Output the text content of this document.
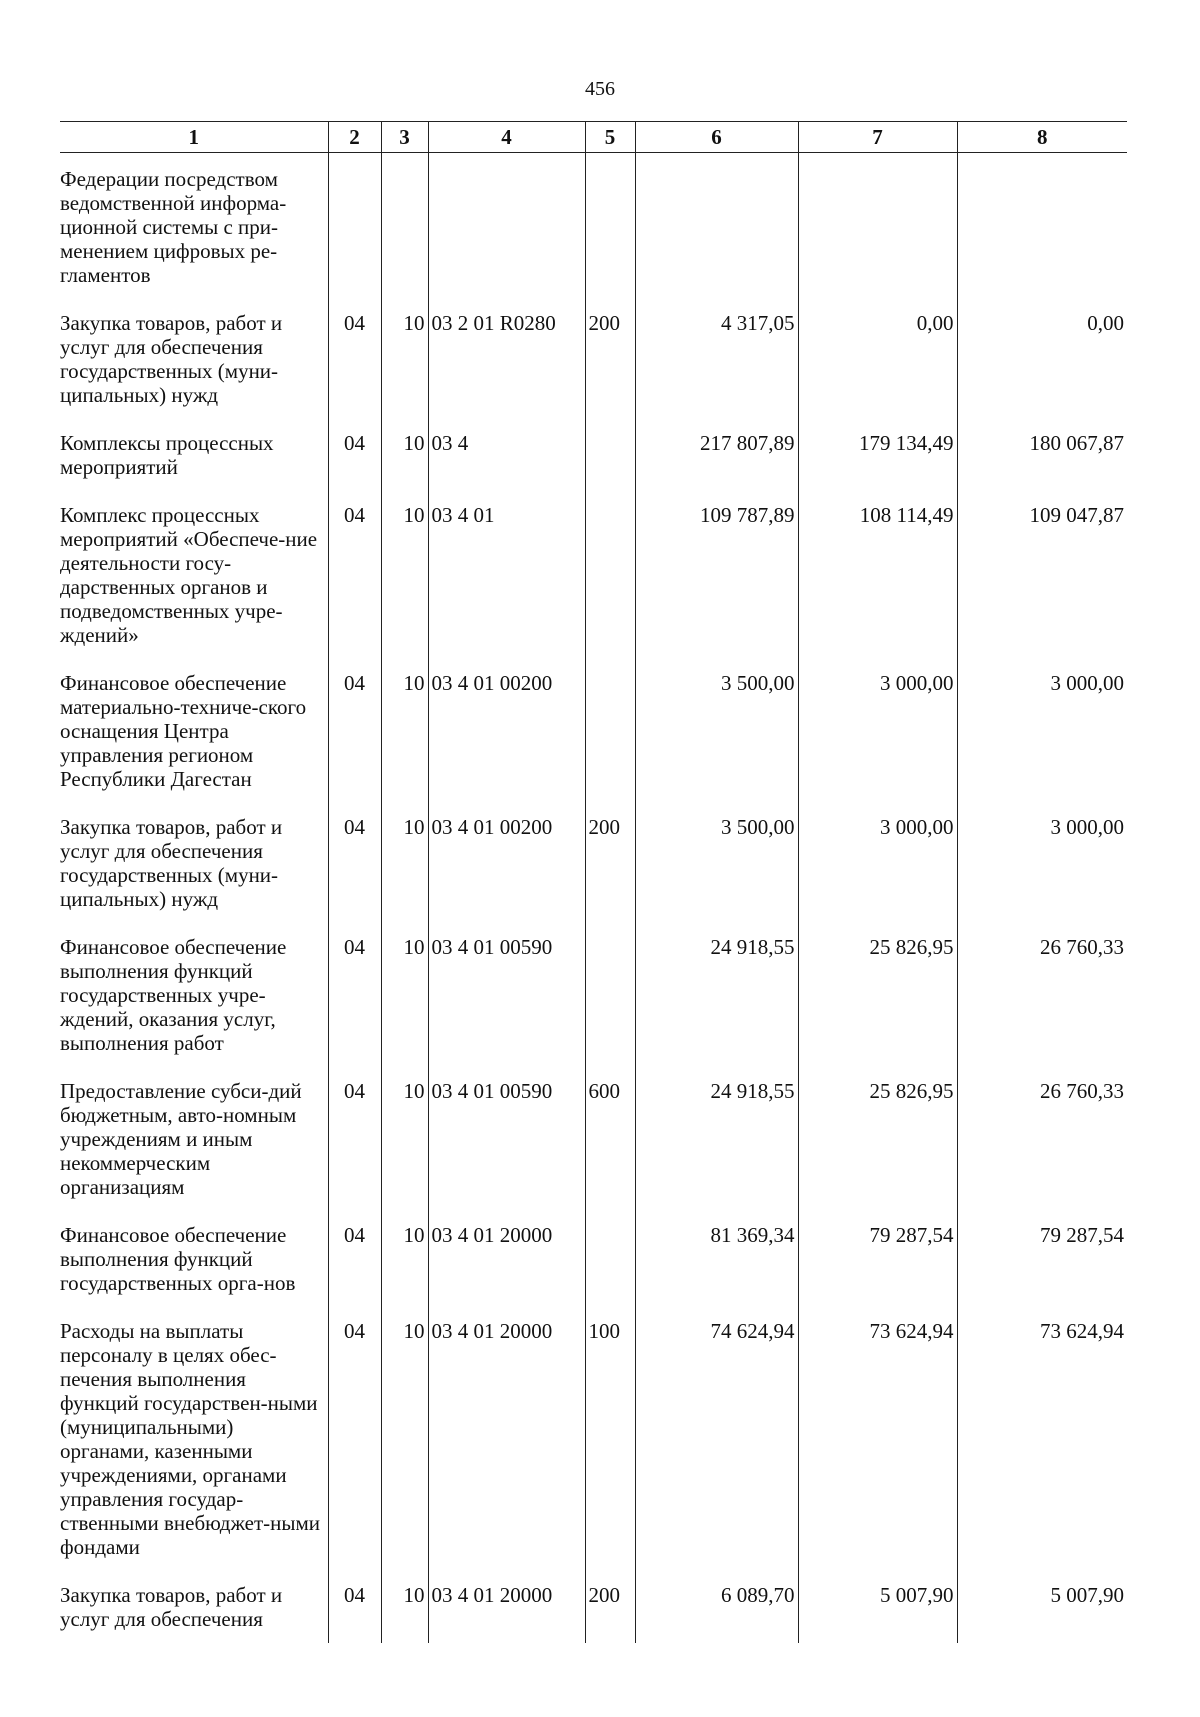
456
1	2	3	4	5	6	7	8
Федерации посредством ведомственной информа-ционной системы с при-менением цифровых ре-гламентов							
Закупка товаров, работ и услуг для обеспечения государственных (муни-ципальных) нужд	04	10	03 2 01 R0280	200	4 317,05	0,00	0,00
Комплексы процессных мероприятий	04	10	03 4		217 807,89	179 134,49	180 067,87
Комплекс процессных мероприятий «Обеспече-ние деятельности госу-дарственных органов и подведомственных учре-ждений»	04	10	03 4 01		109 787,89	108 114,49	109 047,87
Финансовое обеспечение материально-техниче-ского оснащения Центра управления регионом Республики Дагестан	04	10	03 4 01 00200		3 500,00	3 000,00	3 000,00
Закупка товаров, работ и услуг для обеспечения государственных (муни-ципальных) нужд	04	10	03 4 01 00200	200	3 500,00	3 000,00	3 000,00
Финансовое обеспечение выполнения функций государственных учре-ждений, оказания услуг, выполнения работ	04	10	03 4 01 00590		24 918,55	25 826,95	26 760,33
Предоставление субси-дий бюджетным, авто-номным учреждениям и иным некоммерческим организациям	04	10	03 4 01 00590	600	24 918,55	25 826,95	26 760,33
Финансовое обеспечение выполнения функций государственных орга-нов	04	10	03 4 01 20000		81 369,34	79 287,54	79 287,54
Расходы на выплаты персоналу в целях обес-печения выполнения функций государствен-ными (муниципальными) органами, казенными учреждениями, органами управления государ-ственными внебюджет-ными фондами	04	10	03 4 01 20000	100	74 624,94	73 624,94	73 624,94
Закупка товаров, работ и услуг для обеспечения	04	10	03 4 01 20000	200	6 089,70	5 007,90	5 007,90
